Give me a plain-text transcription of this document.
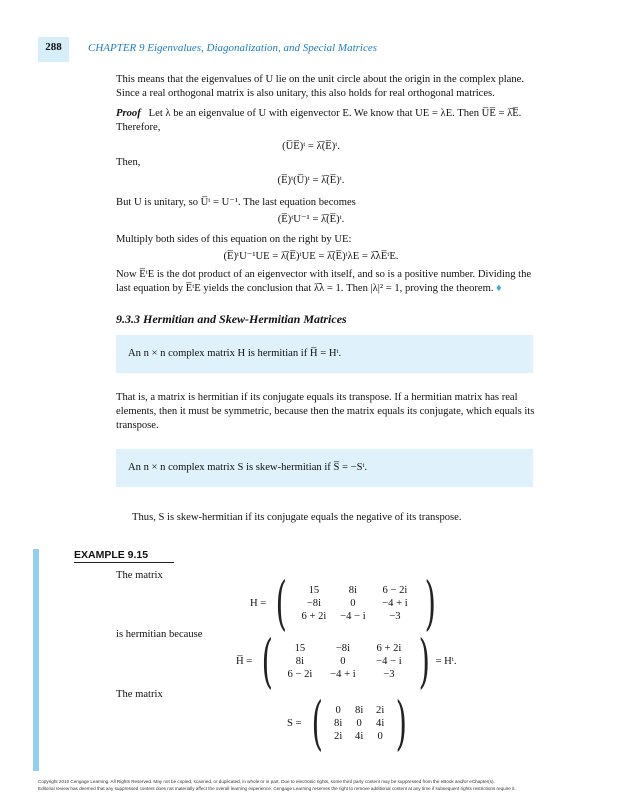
288	CHAPTER 9 Eigenvalues, Diagonalization, and Special Matrices
This means that the eigenvalues of U lie on the unit circle about the origin in the complex plane. Since a real orthogonal matrix is also unitary, this also holds for real orthogonal matrices.
Proof Let λ be an eigenvalue of U with eigenvector E. We know that UE = λE. Then U̅E̅ = λ̅E̅. Therefore,
(U̅E̅)ᵗ = λ̅(E̅)ᵗ.
Then,
(E̅)ᵗ(U̅)ᵗ = λ̅(E̅)ᵗ.
But U is unitary, so U̅ᵗ = U⁻¹. The last equation becomes
(E̅)ᵗU⁻¹ = λ̅(E̅)ᵗ.
Multiply both sides of this equation on the right by UE:
(E̅)ᵗU⁻¹UE = λ̅(E̅)ᵗUE = λ̅(E̅)ᵗλE = λ̅λE̅ᵗE.
Now E̅ᵗE is the dot product of an eigenvector with itself, and so is a positive number. Dividing the last equation by E̅ᵗE yields the conclusion that λ̅λ = 1. Then |λ|² = 1, proving the theorem. ♦
9.3.3 Hermitian and Skew-Hermitian Matrices
An n × n complex matrix H is hermitian if H̅ = Hᵗ.
That is, a matrix is hermitian if its conjugate equals its transpose. If a hermitian matrix has real elements, then it must be symmetric, because then the matrix equals its conjugate, which equals its transpose.
An n × n complex matrix S is skew-hermitian if S̅ = −Sᵗ.
Thus, S is skew-hermitian if its conjugate equals the negative of its transpose.
EXAMPLE 9.15
The matrix
H = (	15	8i	6 − 2i
−8i	0	−4 + i
6 + 2i	−4 − i	−3 )
is hermitian because
H̅ = (	15	−8i	6 + 2i
8i	0	−4 − i
6 − 2i	−4 + i	−3 ) = Hᵗ.
The matrix
S = (	0	8i	2i
8i	0	4i
2i	4i	0 )
Copyright 2010 Cengage Learning. All Rights Reserved. May not be copied, scanned, or duplicated, in whole or in part. Due to electronic rights, some third party content may be suppressed from the eBook and/or eChapter(s).
Editorial review has deemed that any suppressed content does not materially affect the overall learning experience. Cengage Learning reserves the right to remove additional content at any time if subsequent rights restrictions require it.
